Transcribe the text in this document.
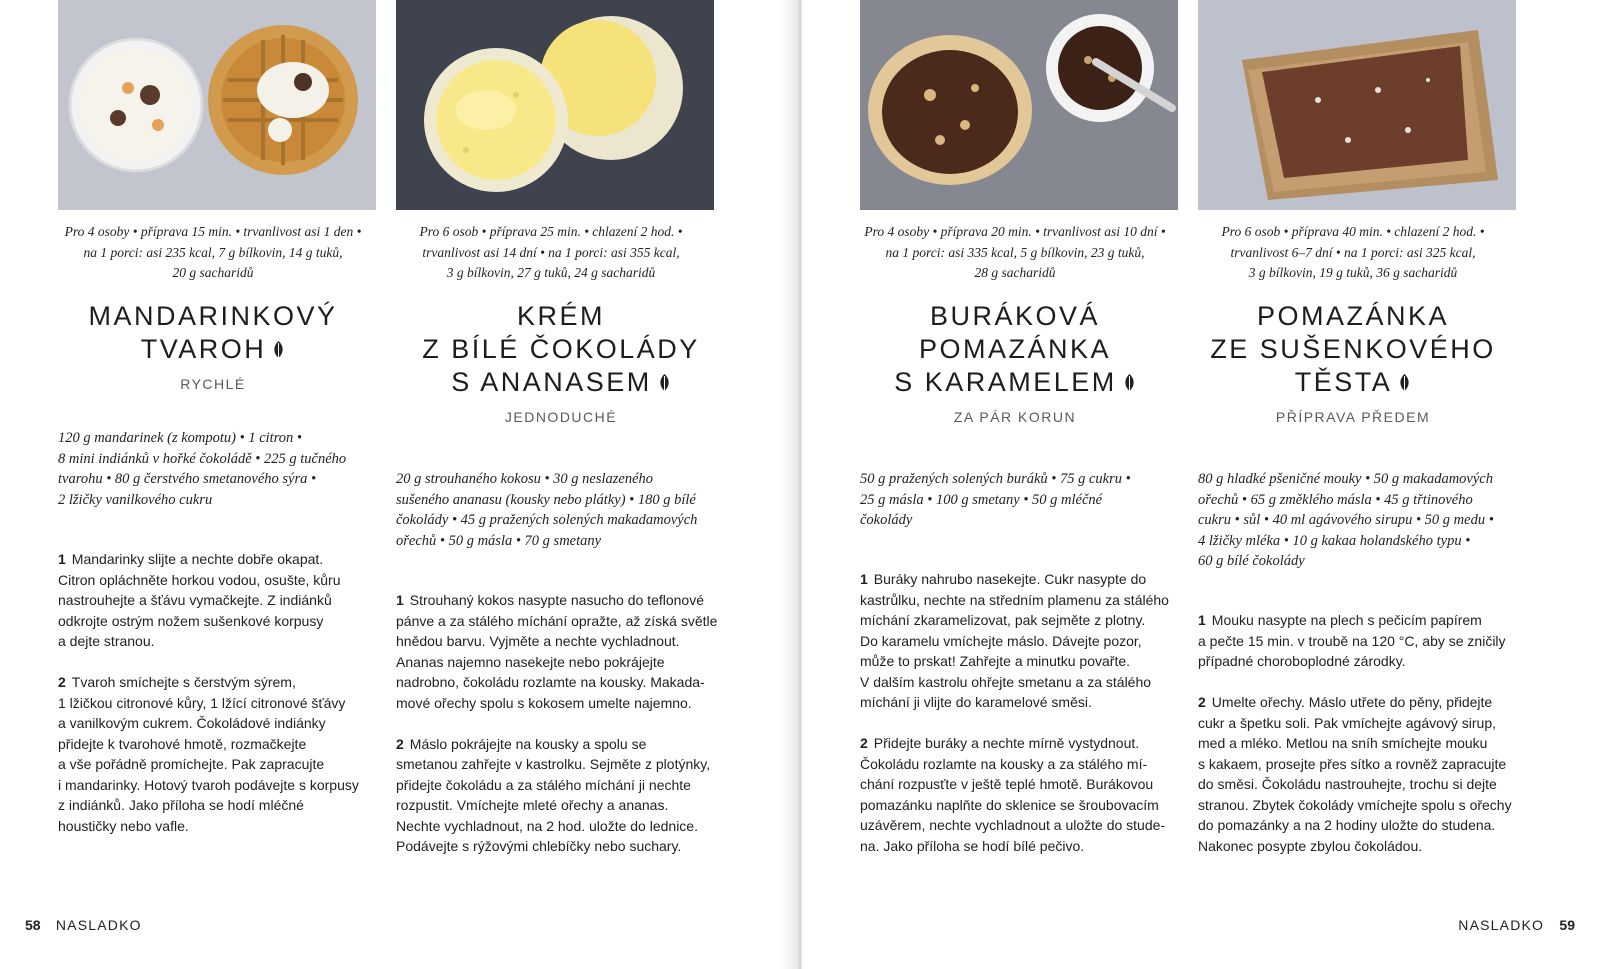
Pro 4 osoby • příprava 15 min. • trvanlivost asi 1 den •
na 1 porci: asi 235 kcal, 7 g bílkovin, 14 g tuků,
20 g sacharidů
MANDARINKOVÝ
TVAROH
RYCHLÉ
120 g mandarinek (z kompotu) • 1 citron •
8 mini indiánků v hořké čokoládě • 225 g tučného
tvarohu • 80 g čerstvého smetanového sýra •
2 lžičky vanilkového cukru

1 Mandarinky slijte a nechte dobře okapat.
Citron opláchněte horkou vodou, osušte, kůru
nastrouhejte a šťávu vymačkejte. Z indiánků
odkrojte ostrým nožem sušenkové korpusy
a dejte stranou.

2 Tvaroh smíchejte s čerstvým sýrem,
1 lžičkou citronové kůry, 1 lžící citronové šťávy
a vanilkovým cukrem. Čokoládové indiánky
přidejte k tvarohové hmotě, rozmačkejte
a vše pořádně promíchejte. Pak zapracujte
i mandarinky. Hotový tvaroh podávejte s korpusy
z indiánků. Jako příloha se hodí mléčné
houstičky nebo vafle.

Pro 6 osob • příprava 25 min. • chlazení 2 hod. •
trvanlivost asi 14 dní • na 1 porci: asi 355 kcal,
3 g bílkovin, 27 g tuků, 24 g sacharidů
KRÉM
Z BÍLÉ ČOKOLÁDY
S ANANASEM
JEDNODUCHÉ
20 g strouhaného kokosu • 30 g neslazeného
sušeného ananasu (kousky nebo plátky) • 180 g bílé
čokolády • 45 g pražených solených makadamových
ořechů • 50 g másla • 70 g smetany

1 Strouhaný kokos nasypte nasucho do teflonové
pánve a za stálého míchání opražte, až získá světle
hnědou barvu. Vyjměte a nechte vychladnout.
Ananas najemno nasekejte nebo pokrájejte
nadrobno, čokoládu rozlamte na kousky. Makada-
mové ořechy spolu s kokosem umelte najemno.

2 Máslo pokrájejte na kousky a spolu se
smetanou zahřejte v kastrolku. Sejměte z plotýnky,
přidejte čokoládu a za stálého míchání ji nechte
rozpustit. Vmíchejte mleté ořechy a ananas.
Nechte vychladnout, na 2 hod. uložte do lednice.
Podávejte s rýžovými chlebíčky nebo suchary.

58 NASLADKO
Pro 4 osoby • příprava 20 min. • trvanlivost asi 10 dní •
na 1 porci: asi 335 kcal, 5 g bílkovin, 23 g tuků,
28 g sacharidů
BURÁKOVÁ
POMAZÁNKA
S KARAMELEM
ZA PÁR KORUN
50 g pražených solených buráků • 75 g cukru •
25 g másla • 100 g smetany • 50 g mléčné
čokolády

1 Buráky nahrubo nasekejte. Cukr nasypte do
kastrůlku, nechte na středním plamenu za stálého
míchání zkaramelizovat, pak sejměte z plotny.
Do karamelu vmíchejte máslo. Dávejte pozor,
může to prskat! Zahřejte a minutku povařte.
V dalším kastrolu ohřejte smetanu a za stálého
míchání ji vlijte do karamelové směsi.

2 Přidejte buráky a nechte mírně vystydnout.
Čokoládu rozlamte na kousky a za stálého mí-
chání rozpusťte v ještě teplé hmotě. Burákovou
pomazánku naplňte do sklenice se šroubovacím
uzávěrem, nechte vychladnout a uložte do stude-
na. Jako příloha se hodí bílé pečivo.

Pro 6 osob • příprava 40 min. • chlazení 2 hod. •
trvanlivost 6–7 dní • na 1 porci: asi 325 kcal,
3 g bílkovin, 19 g tuků, 36 g sacharidů
POMAZÁNKA
ZE SUŠENKOVÉHO
TĚSTA
PŘÍPRAVA PŘEDEM
80 g hladké pšeničné mouky • 50 g makadamových
ořechů • 65 g změklého másla • 45 g třtinového
cukru • sůl • 40 ml agávového sirupu • 50 g medu •
4 lžičky mléka • 10 g kakaa holandského typu •
60 g bílé čokolády

1 Mouku nasypte na plech s pečicím papírem
a pečte 15 min. v troubě na 120 °C, aby se zničily
případné choroboplodné zárodky.

2 Umelte ořechy. Máslo utřete do pěny, přidejte
cukr a špetku soli. Pak vmíchejte agávový sirup,
med a mléko. Metlou na sníh smíchejte mouku
s kakaem, prosejte přes sítko a rovněž zapracujte
do směsi. Čokoládu nastrouhejte, trochu si dejte
stranou. Zbytek čokolády vmíchejte spolu s ořechy
do pomazánky a na 2 hodiny uložte do studena.
Nakonec posypte zbylou čokoládou.

NASLADKO 59
